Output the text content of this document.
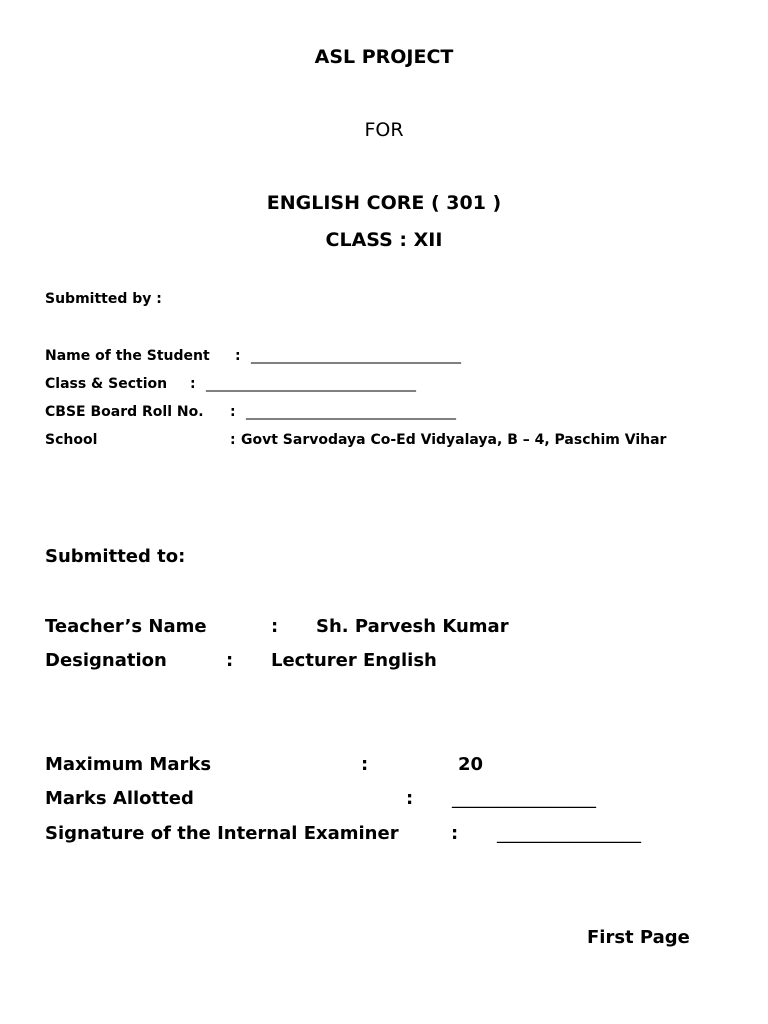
ASL PROJECT
FOR
ENGLISH CORE ( 301 )
CLASS : XII
Submitted by :
Name of the Student : ______________________________
Class & Section : ______________________________
CBSE Board Roll No. : ______________________________
School	: Govt Sarvodaya Co-Ed Vidyalaya, B – 4, Paschim Vihar
Submitted to:
Teacher’s Name	: Sh. Parvesh Kumar
Designation	: Lecturer English
Maximum Marks	:	20
Marks Allotted	: ________________
Signature of the Internal Examiner	: ________________
First Page
